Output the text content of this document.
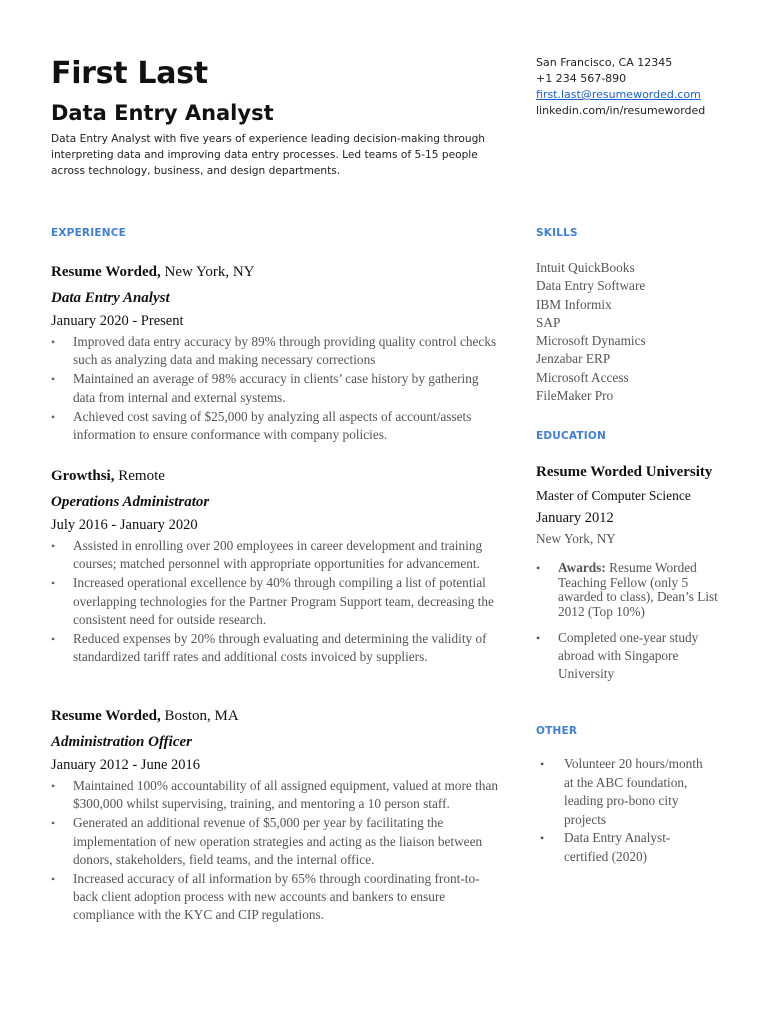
First Last
Data Entry Analyst

Data Entry Analyst with five years of experience leading decision-making through interpreting data and improving data entry processes. Led teams of 5-15 people across technology, business, and design departments.

San Francisco, CA 12345
+1 234 567-890
first.last@resumeworded.com
linkedin.com/in/resumeworded
EXPERIENCE	SKILLS
EDUCATION
OTHER
Resume Worded, New York, NY
Data Entry Analyst
January 2020 - Present
• Improved data entry accuracy by 89% through providing quality control checks such as analyzing data and making necessary corrections
• Maintained an average of 98% accuracy in clients’ case history by gathering data from internal and external systems.
• Achieved cost saving of $25,000 by analyzing all aspects of account/assets information to ensure conformance with company policies.
Growthsi, Remote
Operations Administrator
July 2016 - January 2020
• Assisted in enrolling over 200 employees in career development and training courses; matched personnel with appropriate opportunities for advancement.
• Increased operational excellence by 40% through compiling a list of potential overlapping technologies for the Partner Program Support team, decreasing the consistent need for outside research.
• Reduced expenses by 20% through evaluating and determining the validity of standardized tariff rates and additional costs invoiced by suppliers.
Resume Worded, Boston, MA
Administration Officer
January 2012 - June 2016
• Maintained 100% accountability of all assigned equipment, valued at more than $300,000 whilst supervising, training, and mentoring a 10 person staff.
• Generated an additional revenue of $5,000 per year by facilitating the implementation of new operation strategies and acting as the liaison between donors, stakeholders, field teams, and the internal office.
• Increased accuracy of all information by 65% through coordinating front-to-back client adoption process with new accounts and bankers to ensure compliance with the KYC and CIP regulations.
Intuit QuickBooks
Data Entry Software
IBM Informix
SAP
Microsoft Dynamics
Jenzabar ERP
Microsoft Access
FileMaker Pro
Resume Worded University
Master of Computer Science
January 2012
New York, NY
• Awards: Resume Worded Teaching Fellow (only 5 awarded to class), Dean’s List 2012 (Top 10%)
• Completed one-year study abroad with Singapore University
• Volunteer 20 hours/month at the ABC foundation, leading pro-bono city projects
• Data Entry Analyst-certified (2020)
